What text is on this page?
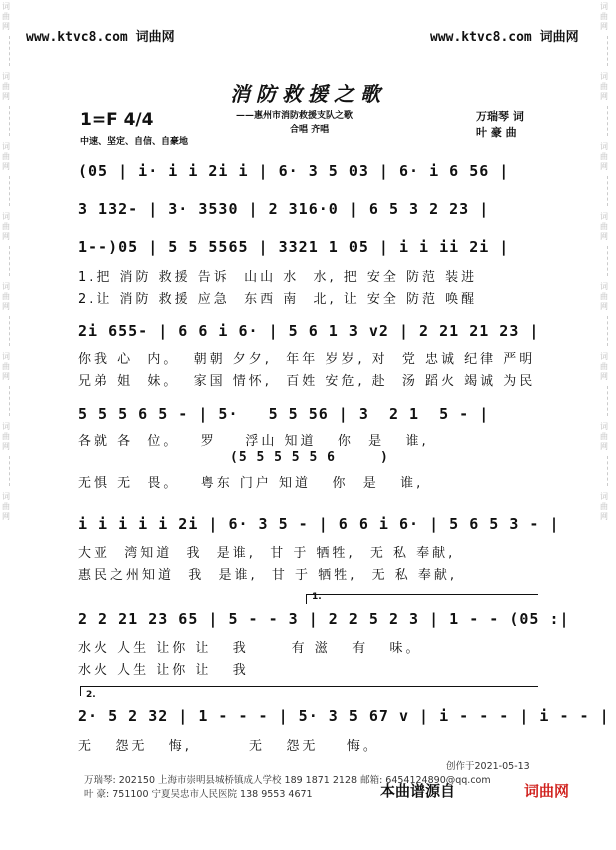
词曲网
词曲网
词曲网
词曲网
词曲网
词曲网
词曲网
词曲网
词曲网
词曲网
词曲网
词曲网
词曲网
词曲网
词曲网
词曲网
www.ktvc8.com 词曲网	www.ktvc8.com 词曲网
消防救援之歌
——惠州市消防救援支队之歌
合唱 齐唱
1=F 4/4
中速、坚定、自信、自豪地
万瑞琴 词
叶 豪 曲
(05 | i· i i 2i i | 6· 3 5 03 | 6· i 6 56 |
3 132- | 3· 3530 | 2 316·0 | 6 5 3 2 23 |
1--)05 | 5 5 5565 | 3321 1 05 | i i ii 2i |
1.把 消防 救援 告诉  山山 水  水, 把 安全 防范 装进
2.让 消防 救援 应急  东西 南  北, 让 安全 防范 唤醒
2i 655- | 6 6 i 6· | 5 6 1 3 v2 | 2 21 21 23 |
你我 心  内。  朝朝 夕夕,  年年 岁岁, 对  党 忠诚 纪律 严明
兄弟 姐  妹。  家国 情怀,  百姓 安危, 赴  汤 蹈火 竭诚 为民
5 5 5 6 5 - | 5·   5 5 56 | 3  2 1  5 - |
各就 各  位。   罗    浮山 知道   你  是   谁,
(5 5 5 5 5 6     )
无惧 无  畏。   粤东 门户 知道   你  是   谁,
i i i i i 2i | 6· 3 5 - | 6 6 i 6· | 5 6 5 3 - |
大亚  湾知道  我  是谁,  甘 于 牺牲,  无 私 奉献,
惠民之州知道  我  是谁,  甘 于 牺牲,  无 私 奉献,
1.
2 2 21 23 65 | 5 - - 3 | 2 2 5 2 3 | 1 - - (05 :|
水火 人生 让你 让   我      有 滋   有   味。
水火 人生 让你 让   我
2.
2· 5 2 32 | 1 - - - | 5· 3 5 67 v | i - - - | i - - |
无   怨无   悔,        无   怨无    悔。
创作于2021-05-13
万瑞琴: 202150 上海市崇明县城桥镇成人学校 189 1871 2128 邮箱: 6454124890@qq.com
叶 豪: 751100 宁夏吴忠市人民医院 138 9553 4671	本曲谱源自	词曲网
